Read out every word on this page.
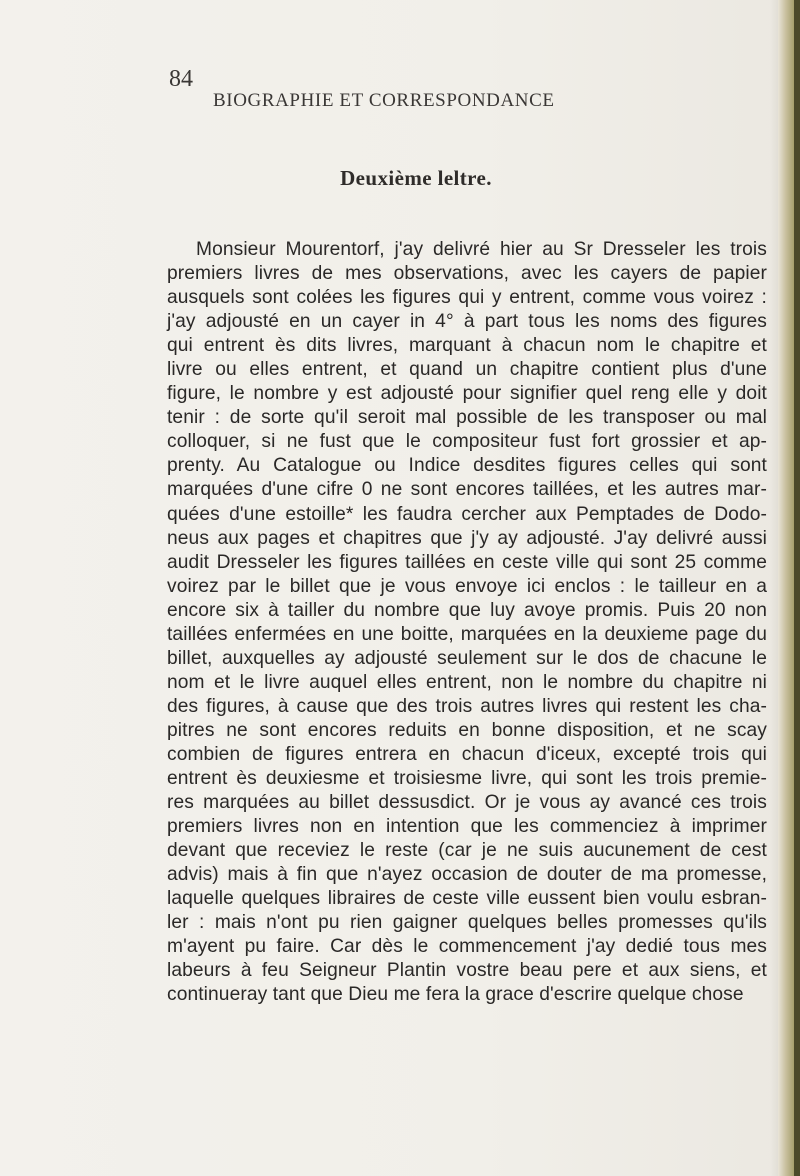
84
BIOGRAPHIE ET CORRESPONDANCE
Deuxième leltre.
Monsieur Mourentorf, j'ay delivré hier au Sr Dresseler les trois
premiers livres de mes observations, avec les cayers de papier
ausquels sont colées les figures qui y entrent, comme vous voirez :
j'ay adjousté en un cayer in 4° à part tous les noms des figures
qui entrent ès dits livres, marquant à chacun nom le chapitre et
livre ou elles entrent, et quand un chapitre contient plus d'une
figure, le nombre y est adjousté pour signifier quel reng elle y doit
tenir : de sorte qu'il seroit mal possible de les transposer ou mal
colloquer, si ne fust que le compositeur fust fort grossier et ap-
prenty. Au Catalogue ou Indice desdites figures celles qui sont
marquées d'une cifre 0 ne sont encores taillées, et les autres mar-
quées d'une estoille* les faudra cercher aux Pemptades de Dodo-
neus aux pages et chapitres que j'y ay adjousté. J'ay delivré aussi
audit Dresseler les figures taillées en ceste ville qui sont 25 comme
voirez par le billet que je vous envoye ici enclos : le tailleur en a
encore six à tailler du nombre que luy avoye promis. Puis 20 non
taillées enfermées en une boitte, marquées en la deuxieme page du
billet, auxquelles ay adjousté seulement sur le dos de chacune le
nom et le livre auquel elles entrent, non le nombre du chapitre ni
des figures, à cause que des trois autres livres qui restent les cha-
pitres ne sont encores reduits en bonne disposition, et ne scay
combien de figures entrera en chacun d'iceux, excepté trois qui
entrent ès deuxiesme et troisiesme livre, qui sont les trois premie-
res marquées au billet dessusdict. Or je vous ay avancé ces trois
premiers livres non en intention que les commenciez à imprimer
devant que receviez le reste (car je ne suis aucunement de cest
advis) mais à fin que n'ayez occasion de douter de ma promesse,
laquelle quelques libraires de ceste ville eussent bien voulu esbran-
ler : mais n'ont pu rien gaigner quelques belles promesses qu'ils
m'ayent pu faire. Car dès le commencement j'ay dedié tous mes
labeurs à feu Seigneur Plantin vostre beau pere et aux siens, et
continueray tant que Dieu me fera la grace d'escrire quelque chose
